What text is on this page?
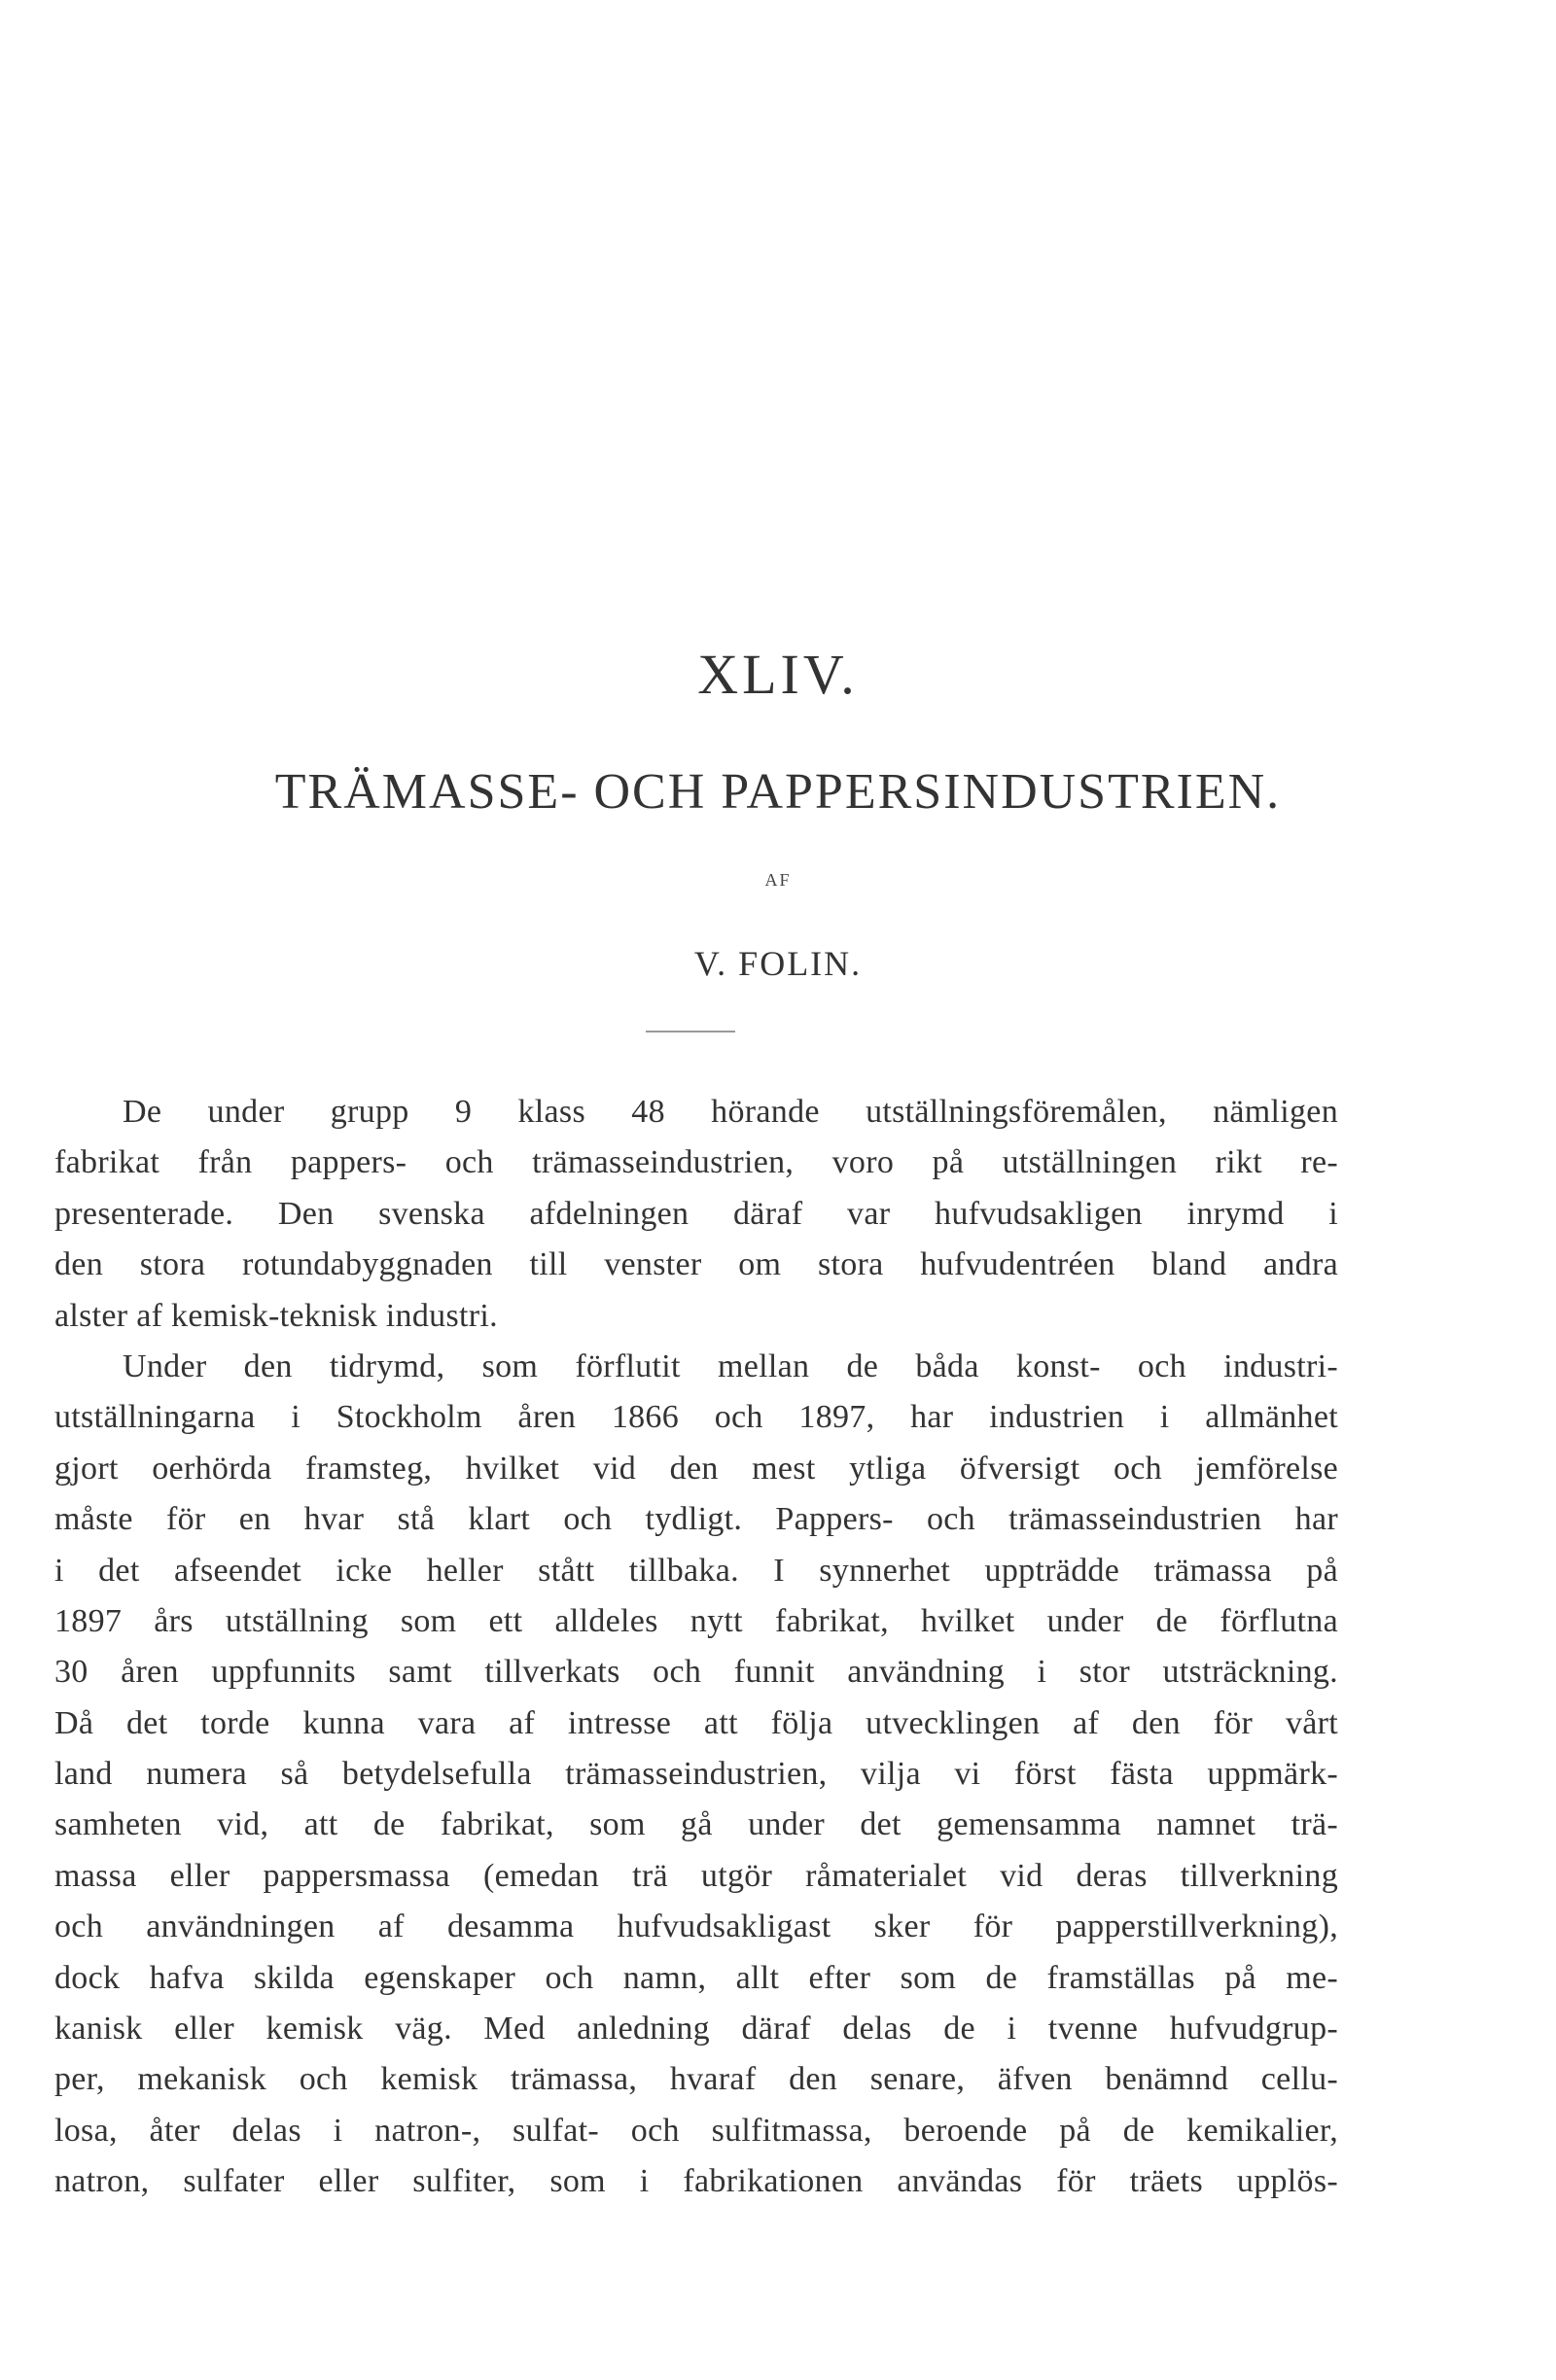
XLIV.
TRÄMASSE- OCH PAPPERSINDUSTRIEN.
AF
V. FOLIN.
De under grupp 9 klass 48 hörande utställningsföremålen, nämligen
fabrikat från pappers- och trämasseindustrien, voro på utställningen rikt re-
presenterade. Den svenska afdelningen däraf var hufvudsakligen inrymd i
den stora rotundabyggnaden till venster om stora hufvudentréen bland andra
alster af kemisk-teknisk industri.
Under den tidrymd, som förflutit mellan de båda konst- och industri-
utställningarna i Stockholm åren 1866 och 1897, har industrien i allmänhet
gjort oerhörda framsteg, hvilket vid den mest ytliga öfversigt och jemförelse
måste för en hvar stå klart och tydligt. Pappers- och trämasseindustrien har
i det afseendet icke heller stått tillbaka. I synnerhet uppträdde trämassa på
1897 års utställning som ett alldeles nytt fabrikat, hvilket under de förflutna
30 åren uppfunnits samt tillverkats och funnit användning i stor utsträckning.
Då det torde kunna vara af intresse att följa utvecklingen af den för vårt
land numera så betydelsefulla trämasseindustrien, vilja vi först fästa uppmärk-
samheten vid, att de fabrikat, som gå under det gemensamma namnet trä-
massa eller pappersmassa (emedan trä utgör råmaterialet vid deras tillverkning
och användningen af desamma hufvudsakligast sker för papperstillverkning),
dock hafva skilda egenskaper och namn, allt efter som de framställas på me-
kanisk eller kemisk väg. Med anledning däraf delas de i tvenne hufvudgrup-
per, mekanisk och kemisk trämassa, hvaraf den senare, äfven benämnd cellu-
losa, åter delas i natron-, sulfat- och sulfitmassa, beroende på de kemikalier,
natron, sulfater eller sulfiter, som i fabrikationen användas för träets upplös-
